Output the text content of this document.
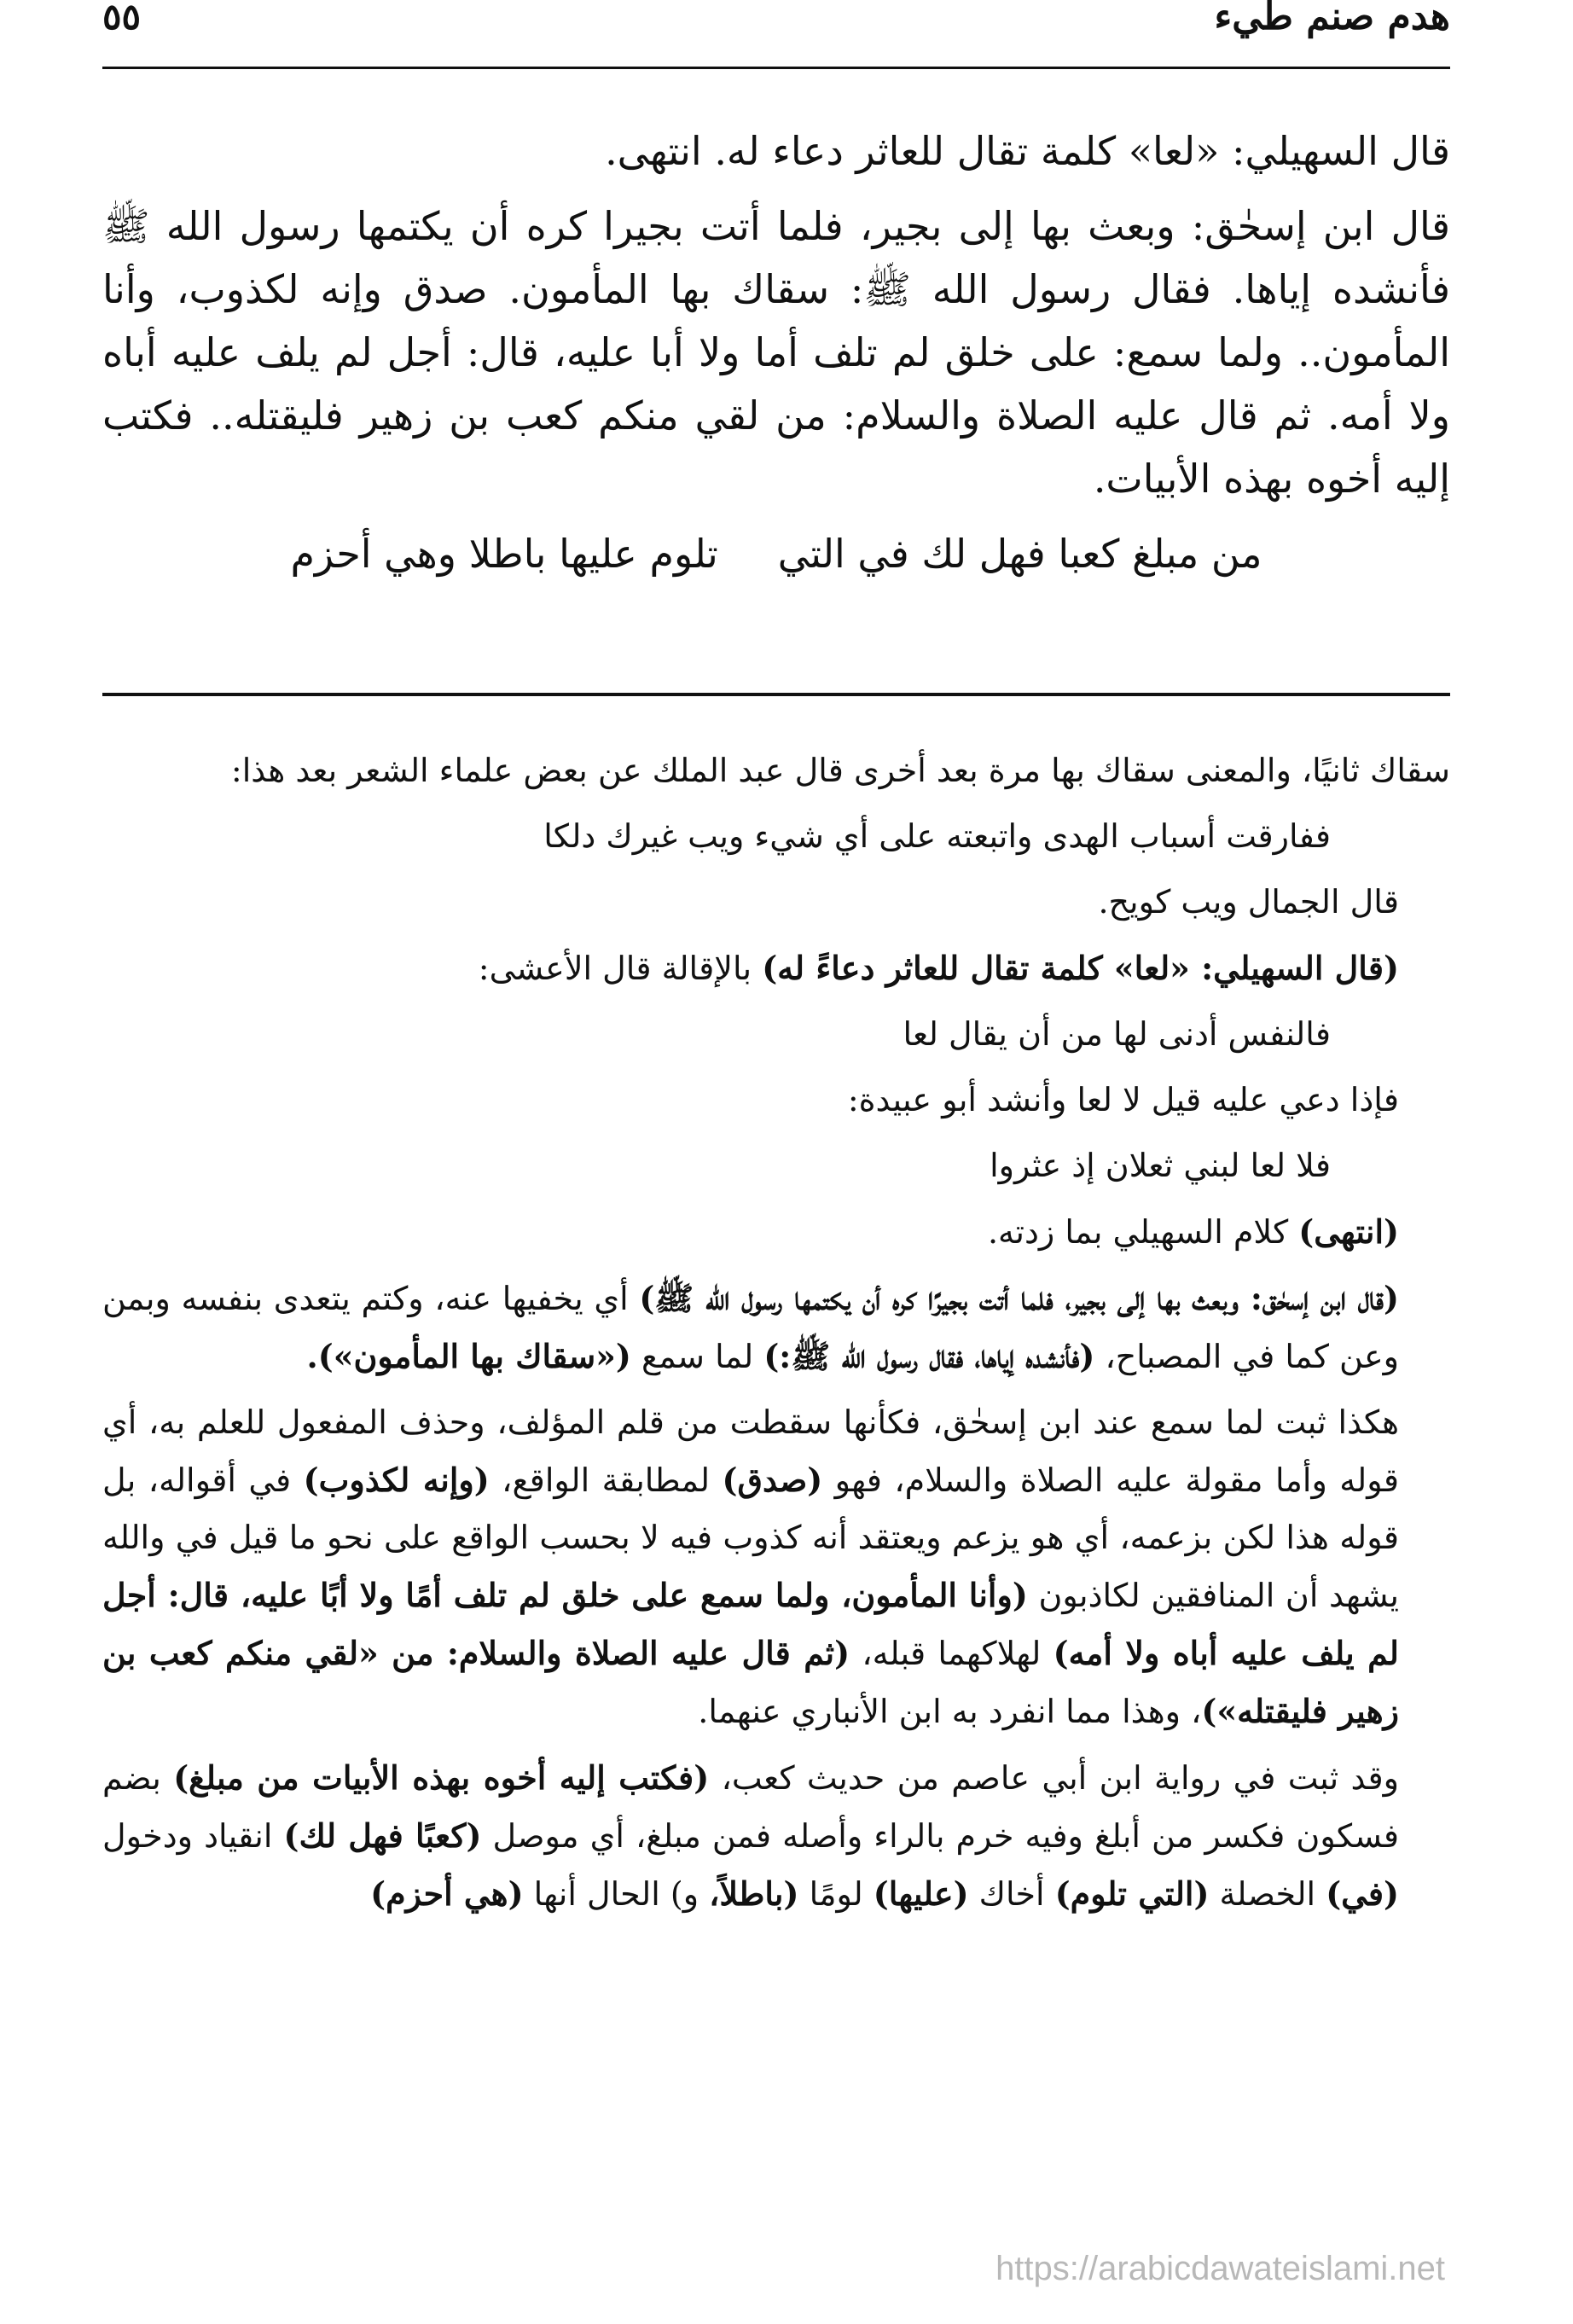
هدم صنم طيء
٥٥

قال السهيلي: «لعا» كلمة تقال للعاثر دعاء له. انتهى.

قال ابن إسحٰق: وبعث بها إلى بجير، فلما أتت بجيرا كره أن يكتمها رسول الله ﷺ فأنشده إياها. فقال رسول الله ﷺ: سقاك بها المأمون. صدق وإنه لكذوب، وأنا المأمون.. ولما سمع: على خلق لم تلف أما ولا أبا عليه، قال: أجل لم يلف عليه أباه ولا أمه. ثم قال عليه الصلاة والسلام: من لقي منكم كعب بن زهير فليقتله.. فكتب إليه أخوه بهذه الأبيات.

من مبلغ كعبا فهل لك في التي
تلوم عليها باطلا وهي أحزم

سقاك ثانيًا، والمعنى سقاك بها مرة بعد أخرى قال عبد الملك عن بعض علماء الشعر بعد هذا:

ففارقت أسباب الهدى واتبعته على أي شيء ويب غيرك دلكا

قال الجمال ويب كويح.

(قال السهيلي: «لعا» كلمة تقال للعاثر دعاءً له) بالإقالة قال الأعشى:

فالنفس أدنى لها من أن يقال لعا

فإذا دعي عليه قيل لا لعا وأنشد أبو عبيدة:

فلا لعا لبني ثعلان إذ عثروا

(انتهى) كلام السهيلي بما زدته.

(قال ابن إسحٰق: وبعث بها إلى بجير، فلما أتت بجيرًا كره أن يكتمها رسول الله ﷺ) أي يخفيها عنه، وكتم يتعدى بنفسه وبمن وعن كما في المصباح، (فأنشده إياها، فقال رسول الله ﷺ:) لما سمع («سقاك بها المأمون»).

هكذا ثبت لما سمع عند ابن إسحٰق، فكأنها سقطت من قلم المؤلف، وحذف المفعول للعلم به، أي قوله وأما مقولة عليه الصلاة والسلام، فهو (صدق) لمطابقة الواقع، (وإنه لكذوب) في أقواله، بل قوله هذا لكن بزعمه، أي هو يزعم ويعتقد أنه كذوب فيه لا بحسب الواقع على نحو ما قيل في والله يشهد أن المنافقين لكاذبون (وأنا المأمون، ولما سمع على خلق لم تلف أمًا ولا أبًا عليه، قال: أجل لم يلف عليه أباه ولا أمه) لهلاكهما قبله، (ثم قال عليه الصلاة والسلام: من «لقي منكم كعب بن زهير فليقتله»)، وهذا مما انفرد به ابن الأنباري عنهما.

وقد ثبت في رواية ابن أبي عاصم من حديث كعب، (فكتب إليه أخوه بهذه الأبيات من مبلغ) بضم فسكون فكسر من أبلغ وفيه خرم بالراء وأصله فمن مبلغ، أي موصل (كعبًا فهل لك) انقياد ودخول (في) الخصلة (التي تلوم) أخاك (عليها) لومًا (باطلاً، و) الحال أنها (هي أحزم)

https://arabicdawateislami.net
